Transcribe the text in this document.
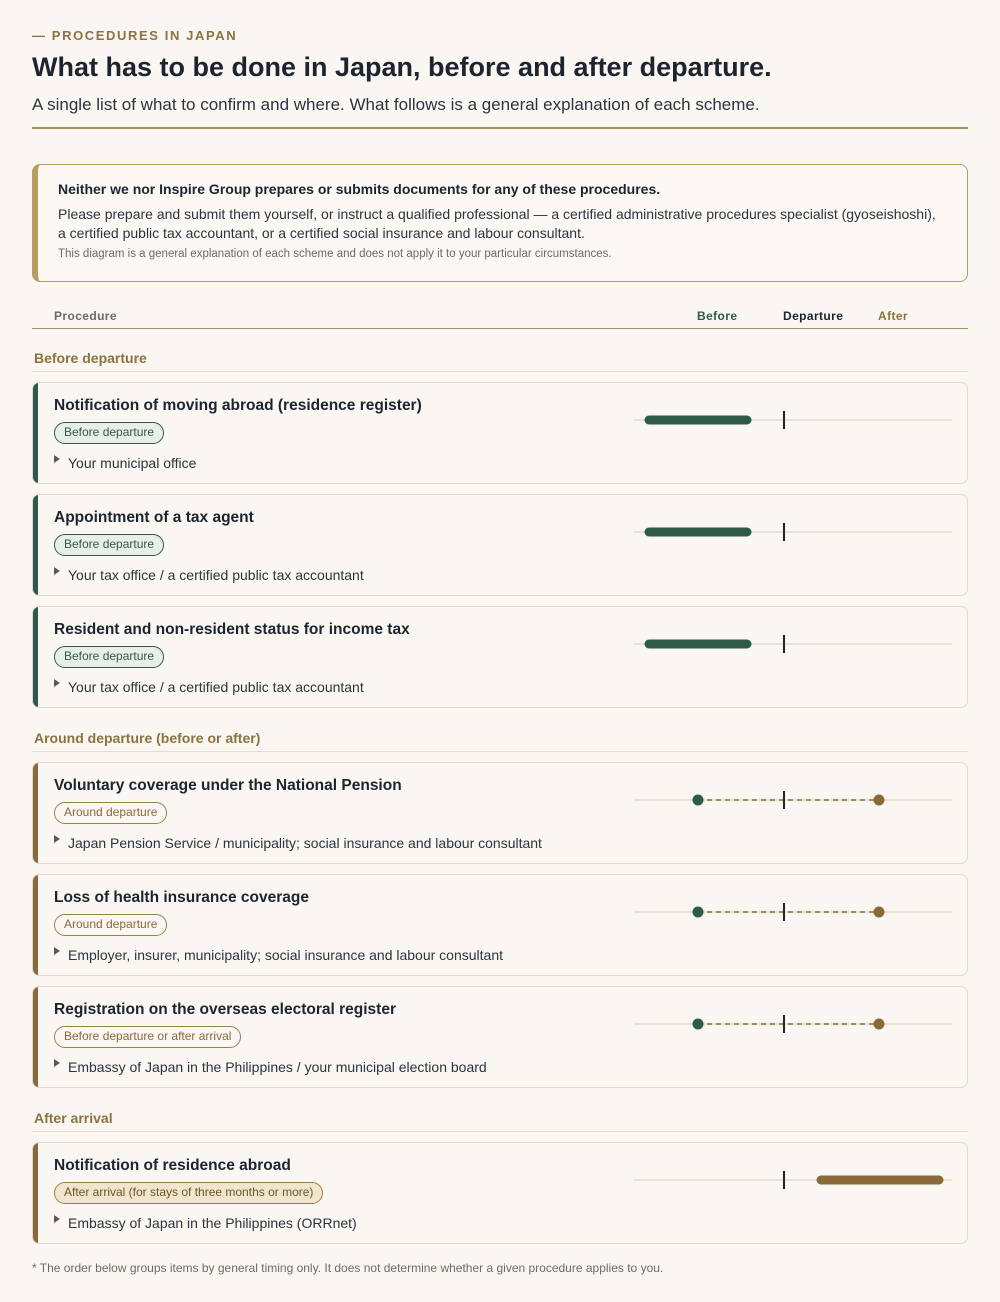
— PROCEDURES IN JAPAN
What has to be done in Japan, before and after departure.
A single list of what to confirm and where. What follows is a general explanation of each scheme.
Neither we nor Inspire Group prepares or submits documents for any of these procedures.
Please prepare and submit them yourself, or instruct a qualified professional — a certified administrative procedures specialist (gyoseishoshi), a certified public tax accountant, or a certified social insurance and labour consultant.
This diagram is a general explanation of each scheme and does not apply it to your particular circumstances.
Procedure	Before	Departure	After
Before departure
Notification of moving abroad (residence register)
Before departure
Your municipal office
Appointment of a tax agent
Before departure
Your tax office / a certified public tax accountant
Resident and non-resident status for income tax
Before departure
Your tax office / a certified public tax accountant
Around departure (before or after)
Voluntary coverage under the National Pension
Around departure
Japan Pension Service / municipality; social insurance and labour consultant
Loss of health insurance coverage
Around departure
Employer, insurer, municipality; social insurance and labour consultant
Registration on the overseas electoral register
Before departure or after arrival
Embassy of Japan in the Philippines / your municipal election board
After arrival
Notification of residence abroad
After arrival (for stays of three months or more)
Embassy of Japan in the Philippines (ORRnet)
* The order below groups items by general timing only. It does not determine whether a given procedure applies to you.
